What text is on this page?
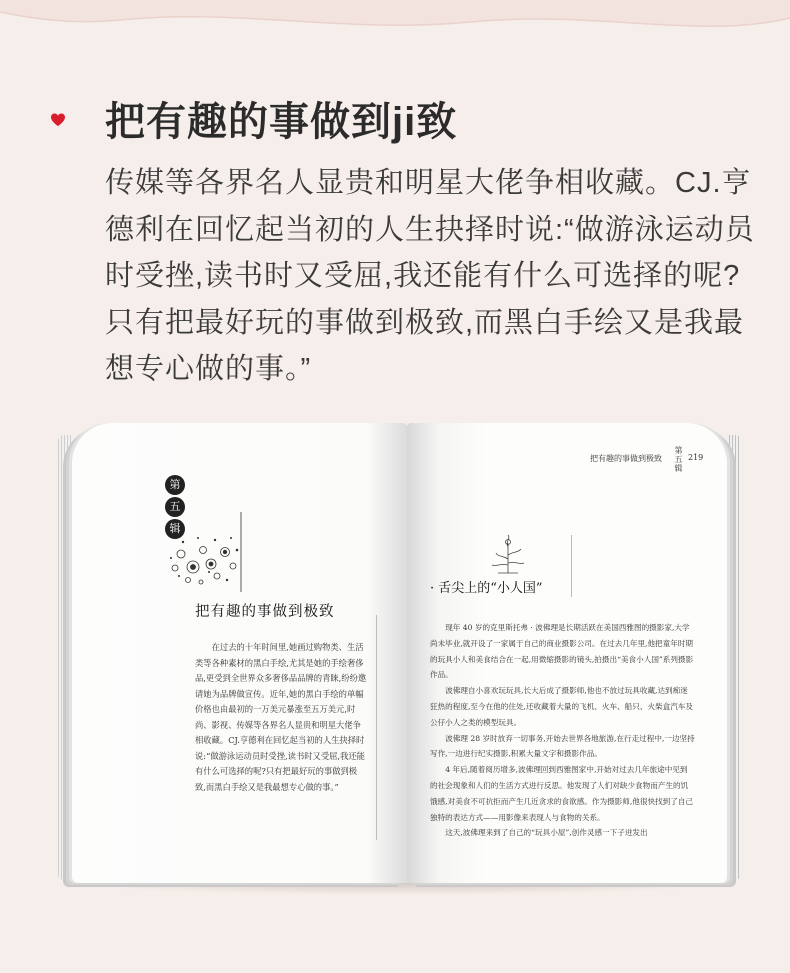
把有趣的事做到ji致
传媒等各界名人显贵和明星大佬争相收藏。CJ.亨德利在回忆起当初的人生抉择时说:“做游泳运动员时受挫,读书时又受屈,我还能有什么可选择的呢?只有把最好玩的事做到极致,而黑白手绘又是我最想专心做的事。”
第
五
辑
把有趣的事做到极致
在过去的十年时间里,她画过购物类、生活类等各种素材的黑白手绘,尤其是她的手绘奢侈品,更受到全世界众多奢侈品品牌的青睐,纷纷邀请她为品牌做宣传。近年,她的黑白手绘的单幅价格也由最初的一万美元暴涨至五万美元,时尚、影视、传媒等各界名人显贵和明星大佬争相收藏。CJ.亨德利在回忆起当初的人生抉择时说:“做游泳运动员时受挫,读书时又受屈,我还能有什么可选择的呢?只有把最好玩的事做到极致,而黑白手绘又是我最想专心做的事。”
把有趣的事做到极致
第五辑
219
· 舌尖上的“小人国”

现年 40 岁的克里斯托弗 · 波佛理是长期活跃在美国西雅图的摄影家,大学尚未毕业,就开设了一家属于自己的商业摄影公司。在过去几年里,他把童年时期的玩具小人和美食结合在一起,用微缩摄影的镜头,拍摄出“美食小人国”系列摄影作品。

波佛理自小喜欢玩玩具,长大后成了摄影师,他也不放过玩具收藏,达到痴迷狂热的程度,至今在他的住处,还收藏着大量的飞机、火车、船只、火柴盒汽车及公仔小人之类的模型玩具。

波佛理 28 岁时放弃一切事务,开始去世界各地旅游,在行走过程中,一边坚持写作,一边进行纪实摄影,积累大量文字和摄影作品。

4 年后,随着阅历增多,波佛理回到西雅图家中,开始对过去几年旅途中见到的社会现象和人们的生活方式进行反思。他发现了人们对缺少食物而产生的饥饿感,对美食不可抗拒而产生几近贪求的食欲感。作为摄影师,他很快找到了自己独特的表达方式——用影像来表现人与食物的关系。

这天,波佛理来到了自己的“玩具小屋”,创作灵感一下子迸发出
